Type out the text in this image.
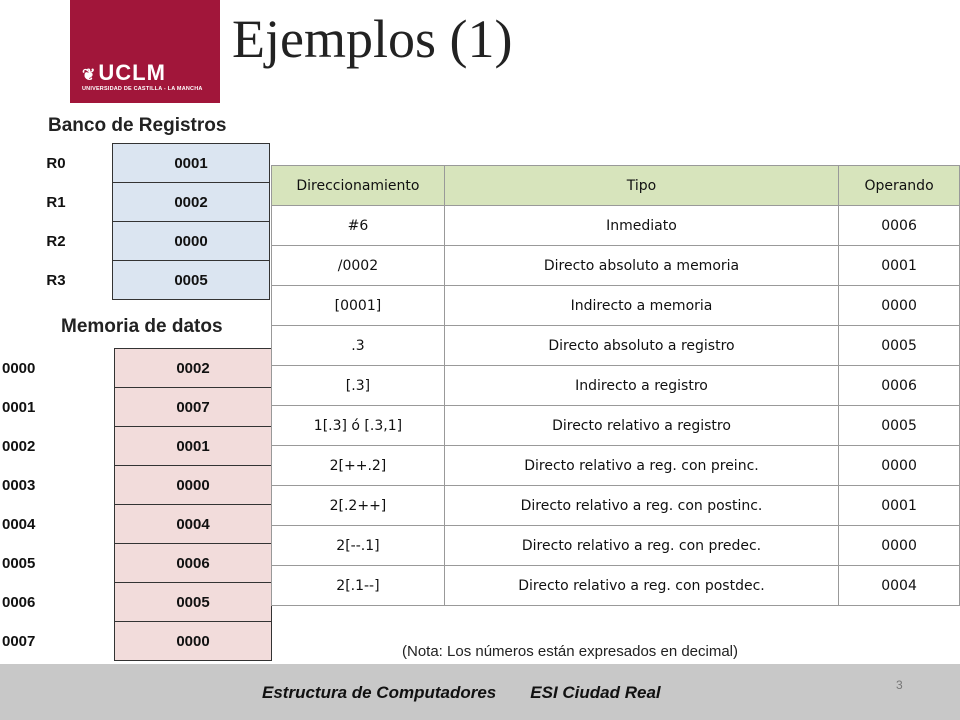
❦UCLM
UNIVERSIDAD DE CASTILLA - LA MANCHA
Ejemplos (1)
Banco de Registros
R0	0001
R1	0002
R2	0000
R3	0005
Memoria de datos
0000	0002
0001	0007
0002	0001
0003	0000
0004	0004
0005	0006
0006	0005
0007	0000
Direccionamiento	Tipo	Operando
#6	Inmediato	0006
/0002	Directo absoluto a memoria	0001
[0001]	Indirecto a memoria	0000
.3	Directo absoluto a registro	0005
[.3]	Indirecto a registro	0006
1[.3] ó [.3,1]	Directo relativo a registro	0005
2[++.2]	Directo relativo a reg. con preinc.	0000
2[.2++]	Directo relativo a reg. con postinc.	0001
2[--.1]	Directo relativo a reg. con predec.	0000
2[.1--]	Directo relativo a reg. con postdec.	0004
(Nota: Los números están expresados en decimal)
Estructura de Computadores ESI Ciudad Real	3
